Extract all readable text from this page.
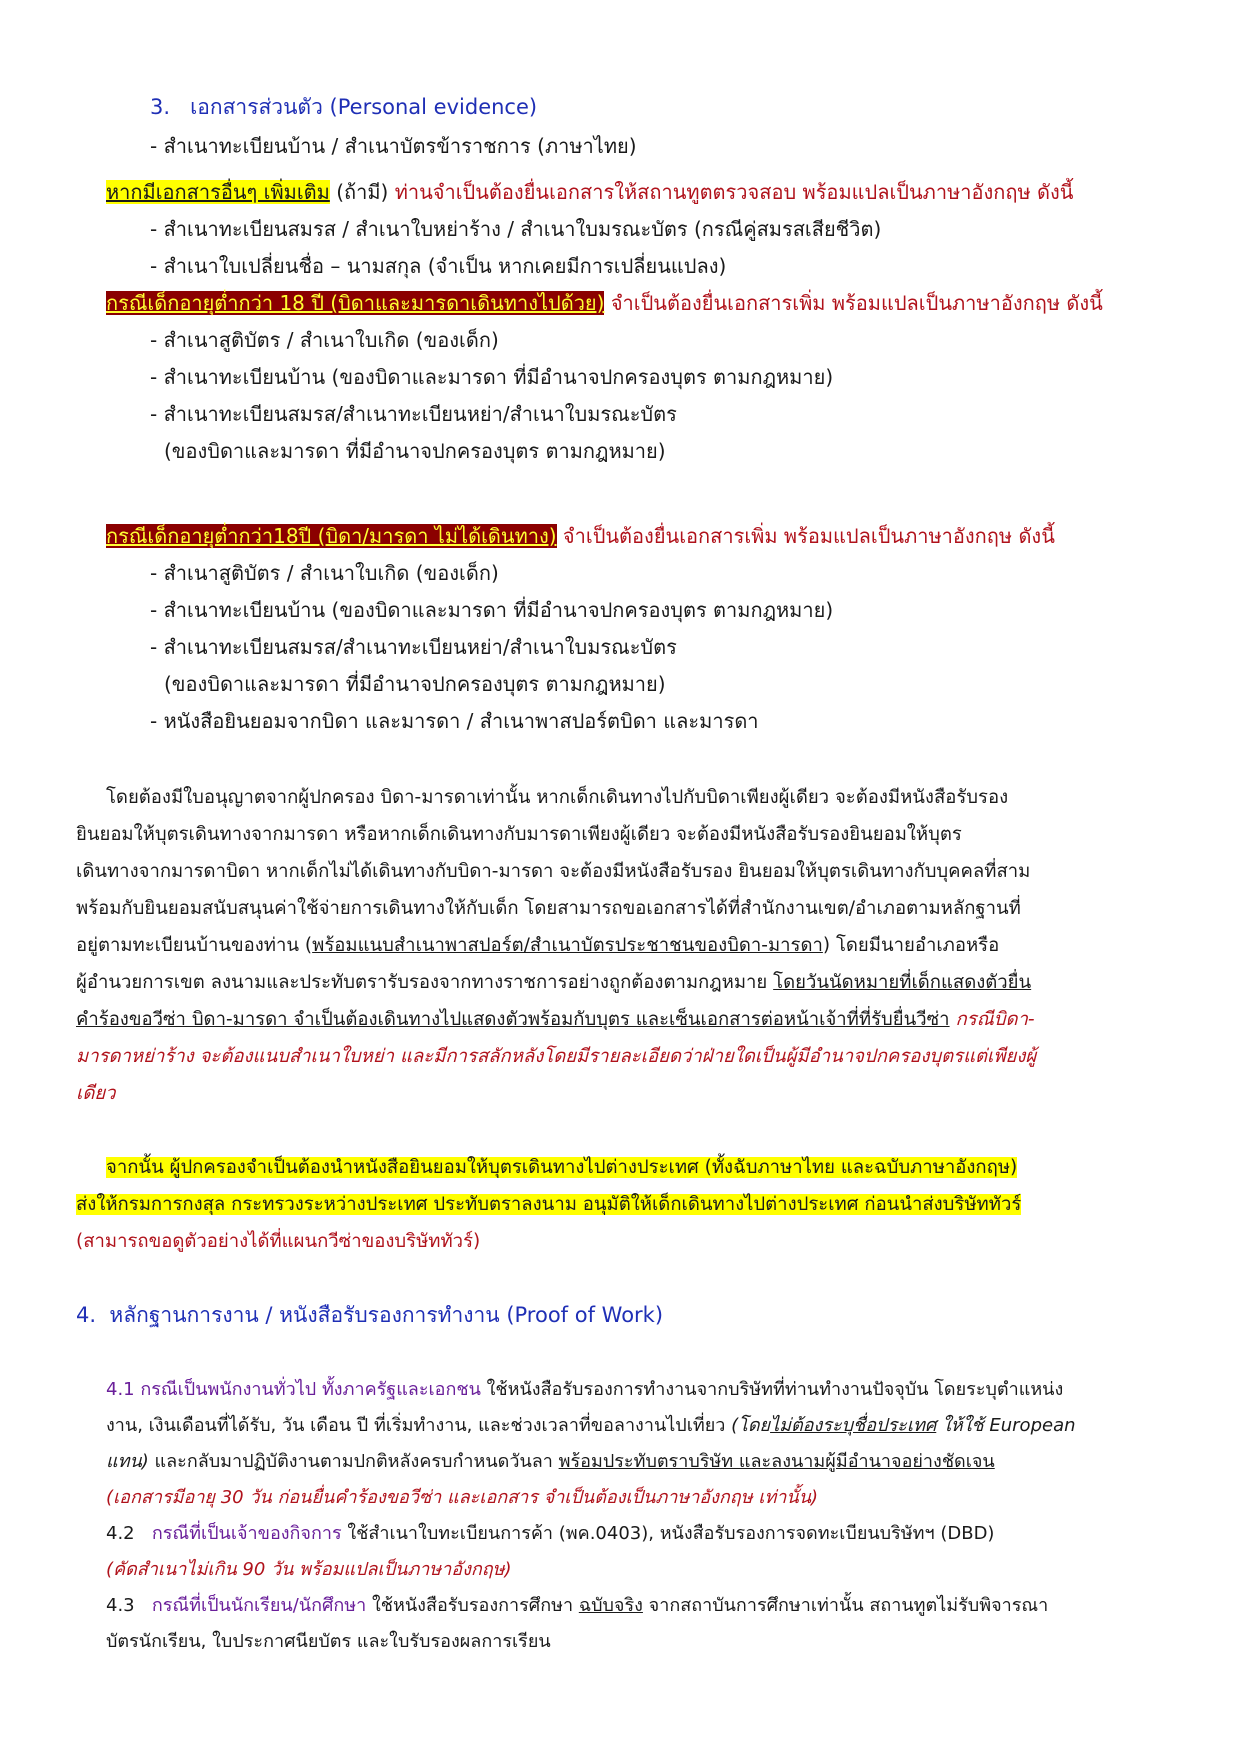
3. เอกสารส่วนตัว (Personal evidence)
- สำเนาทะเบียนบ้าน / สำเนาบัตรข้าราชการ (ภาษาไทย)
หากมีเอกสารอื่นๆ เพิ่มเติม (ถ้ามี) ท่านจำเป็นต้องยื่นเอกสารให้สถานทูตตรวจสอบ พร้อมแปลเป็นภาษาอังกฤษ ดังนี้
- สำเนาทะเบียนสมรส / สำเนาใบหย่าร้าง / สำเนาใบมรณะบัตร (กรณีคู่สมรสเสียชีวิต)
- สำเนาใบเปลี่ยนชื่อ – นามสกุล (จำเป็น หากเคยมีการเปลี่ยนแปลง)
กรณีเด็กอายุต่ำกว่า 18 ปี (บิดาและมารดาเดินทางไปด้วย) จำเป็นต้องยื่นเอกสารเพิ่ม พร้อมแปลเป็นภาษาอังกฤษ ดังนี้
- สำเนาสูติบัตร / สำเนาใบเกิด (ของเด็ก)
- สำเนาทะเบียนบ้าน (ของบิดาและมารดา ที่มีอำนาจปกครองบุตร ตามกฎหมาย)
- สำเนาทะเบียนสมรส/สำเนาทะเบียนหย่า/สำเนาใบมรณะบัตร
(ของบิดาและมารดา ที่มีอำนาจปกครองบุตร ตามกฎหมาย)
กรณีเด็กอายุต่ำกว่า18ปี (บิดา/มารดา ไม่ได้เดินทาง) จำเป็นต้องยื่นเอกสารเพิ่ม พร้อมแปลเป็นภาษาอังกฤษ ดังนี้
- สำเนาสูติบัตร / สำเนาใบเกิด (ของเด็ก)
- สำเนาทะเบียนบ้าน (ของบิดาและมารดา ที่มีอำนาจปกครองบุตร ตามกฎหมาย)
- สำเนาทะเบียนสมรส/สำเนาทะเบียนหย่า/สำเนาใบมรณะบัตร
(ของบิดาและมารดา ที่มีอำนาจปกครองบุตร ตามกฎหมาย)
- หนังสือยินยอมจากบิดา และมารดา / สำเนาพาสปอร์ตบิดา และมารดา
โดยต้องมีใบอนุญาตจากผู้ปกครอง บิดา-มารดาเท่านั้น หากเด็กเดินทางไปกับบิดาเพียงผู้เดียว จะต้องมีหนังสือรับรอง
ยินยอมให้บุตรเดินทางจากมารดา หรือหากเด็กเดินทางกับมารดาเพียงผู้เดียว จะต้องมีหนังสือรับรองยินยอมให้บุตร
เดินทางจากมารดาบิดา หากเด็กไม่ได้เดินทางกับบิดา-มารดา จะต้องมีหนังสือรับรอง ยินยอมให้บุตรเดินทางกับบุคคลที่สาม
พร้อมกับยินยอมสนับสนุนค่าใช้จ่ายการเดินทางให้กับเด็ก โดยสามารถขอเอกสารได้ที่สำนักงานเขต/อำเภอตามหลักฐานที่
อยู่ตามทะเบียนบ้านของท่าน (พร้อมแนบสำเนาพาสปอร์ต/สำเนาบัตรประชาชนของบิดา-มารดา) โดยมีนายอำเภอหรือ
ผู้อำนวยการเขต ลงนามและประทับตรารับรองจากทางราชการอย่างถูกต้องตามกฎหมาย โดยวันนัดหมายที่เด็กแสดงตัวยื่น
คำร้องขอวีซ่า บิดา-มารดา จำเป็นต้องเดินทางไปแสดงตัวพร้อมกับบุตร และเซ็นเอกสารต่อหน้าเจ้าที่ที่รับยื่นวีซ่า กรณีบิดา-
มารดาหย่าร้าง จะต้องแนบสำเนาใบหย่า และมีการสลักหลังโดยมีรายละเอียดว่าฝ่ายใดเป็นผู้มีอำนาจปกครองบุตรแต่เพียงผู้
เดียว
จากนั้น ผู้ปกครองจำเป็นต้องนำหนังสือยินยอมให้บุตรเดินทางไปต่างประเทศ (ทั้งฉับภาษาไทย และฉบับภาษาอังกฤษ)
ส่งให้กรมการกงสุล กระทรวงระหว่างประเทศ ประทับตราลงนาม อนุมัติให้เด็กเดินทางไปต่างประเทศ ก่อนนำส่งบริษัททัวร์
(สามารถขอดูตัวอย่างได้ที่แผนกวีซ่าของบริษัททัวร์)
4. หลักฐานการงาน / หนังสือรับรองการทำงาน (Proof of Work)
4.1 กรณีเป็นพนักงานทั่วไป ทั้งภาครัฐและเอกชน ใช้หนังสือรับรองการทำงานจากบริษัทที่ท่านทำงานปัจจุบัน โดยระบุตำแหน่ง
งาน, เงินเดือนที่ได้รับ, วัน เดือน ปี ที่เริ่มทำงาน, และช่วงเวลาที่ขอลางานไปเที่ยว (โดยไม่ต้องระบุชื่อประเทศ ให้ใช้ European
แทน) และกลับมาปฏิบัติงานตามปกติหลังครบกำหนดวันลา พร้อมประทับตราบริษัท และลงนามผู้มีอำนาจอย่างชัดเจน
(เอกสารมีอายุ 30 วัน ก่อนยื่นคำร้องขอวีซ่า และเอกสาร จำเป็นต้องเป็นภาษาอังกฤษ เท่านั้น)
4.2 กรณีที่เป็นเจ้าของกิจการ ใช้สำเนาใบทะเบียนการค้า (พค.0403), หนังสือรับรองการจดทะเบียนบริษัทฯ (DBD)
(คัดสำเนาไม่เกิน 90 วัน พร้อมแปลเป็นภาษาอังกฤษ)
4.3 กรณีที่เป็นนักเรียน/นักศึกษา ใช้หนังสือรับรองการศึกษา ฉบับจริง จากสถาบันการศึกษาเท่านั้น สถานทูตไม่รับพิจารณา
บัตรนักเรียน, ใบประกาศนียบัตร และใบรับรองผลการเรียน
